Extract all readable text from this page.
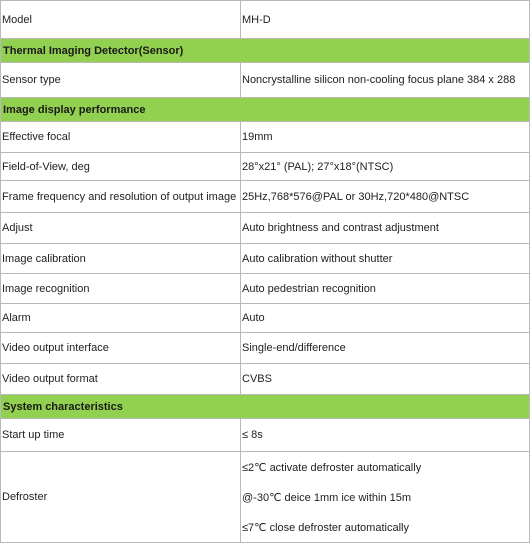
Model	MH-D
Thermal Imaging Detector(Sensor)	
Sensor type	Noncrystalline silicon non-cooling focus plane 384 x 288
Image display performance	
Effective focal	19mm
Field-of-View, deg	28°x21° (PAL); 27°x18°(NTSC)
Frame frequency and resolution of output image	25Hz,768*576@PAL or 30Hz,720*480@NTSC
Adjust	Auto brightness and contrast adjustment
Image calibration	Auto calibration without shutter
Image recognition	Auto pedestrian recognition
Alarm	Auto
Video output interface	Single-end/difference
Video output format	CVBS
System characteristics	
Start up time	≤ 8s
Defroster	≤2℃ activate defroster automatically
@-30℃ deice 1mm ice within 15m
≤7℃ close defroster automatically
